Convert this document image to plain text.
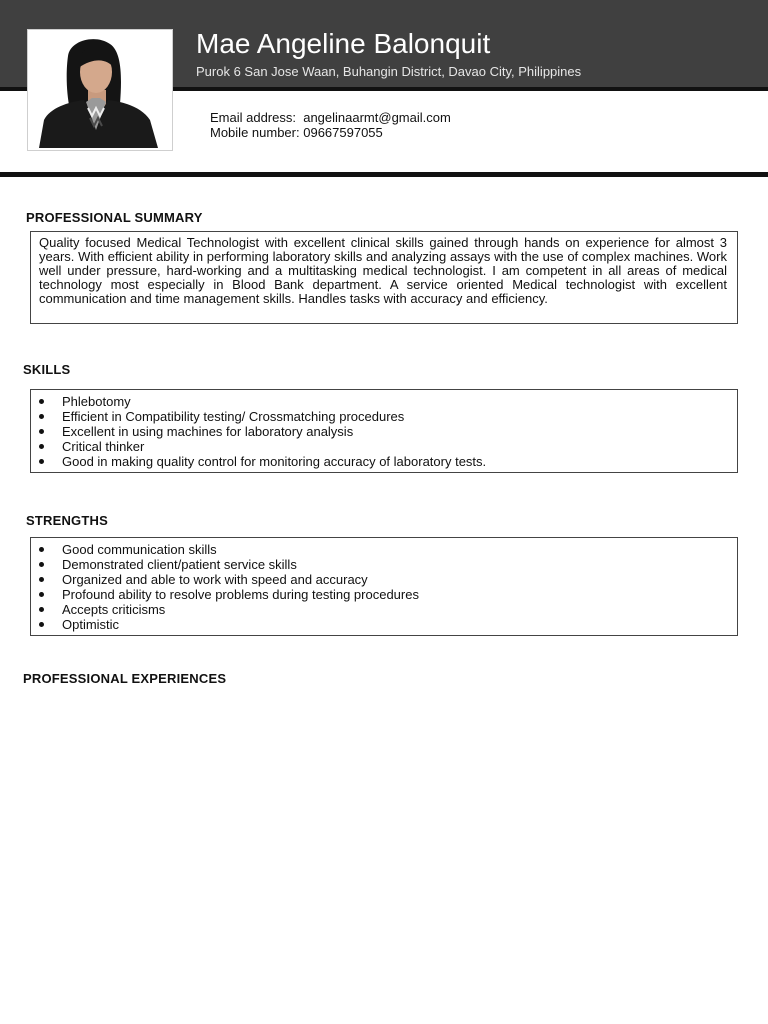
Mae Angeline Balonquit
Purok 6 San Jose Waan, Buhangin District, Davao City, Philippines
Email address: angelinaarmt@gmail.com
Mobile number: 09667597055
PROFESSIONAL SUMMARY

Quality focused Medical Technologist with excellent clinical skills gained through hands on experience for almost 3 years. With efficient ability in performing laboratory skills and analyzing assays with the use of complex machines. Work well under pressure, hard-working and a multitasking medical technologist. I am competent in all areas of medical technology most especially in Blood Bank department. A service oriented Medical technologist with excellent communication and time management skills. Handles tasks with accuracy and efficiency.

SKILLS
Phlebotomy
Efficient in Compatibility testing/ Crossmatching procedures
Excellent in using machines for laboratory analysis
Critical thinker
Good in making quality control for monitoring accuracy of laboratory tests.
STRENGTHS
Good communication skills
Demonstrated client/patient service skills
Organized and able to work with speed and accuracy
Profound ability to resolve problems during testing procedures
Accepts criticisms
Optimistic
PROFESSIONAL EXPERIENCES
